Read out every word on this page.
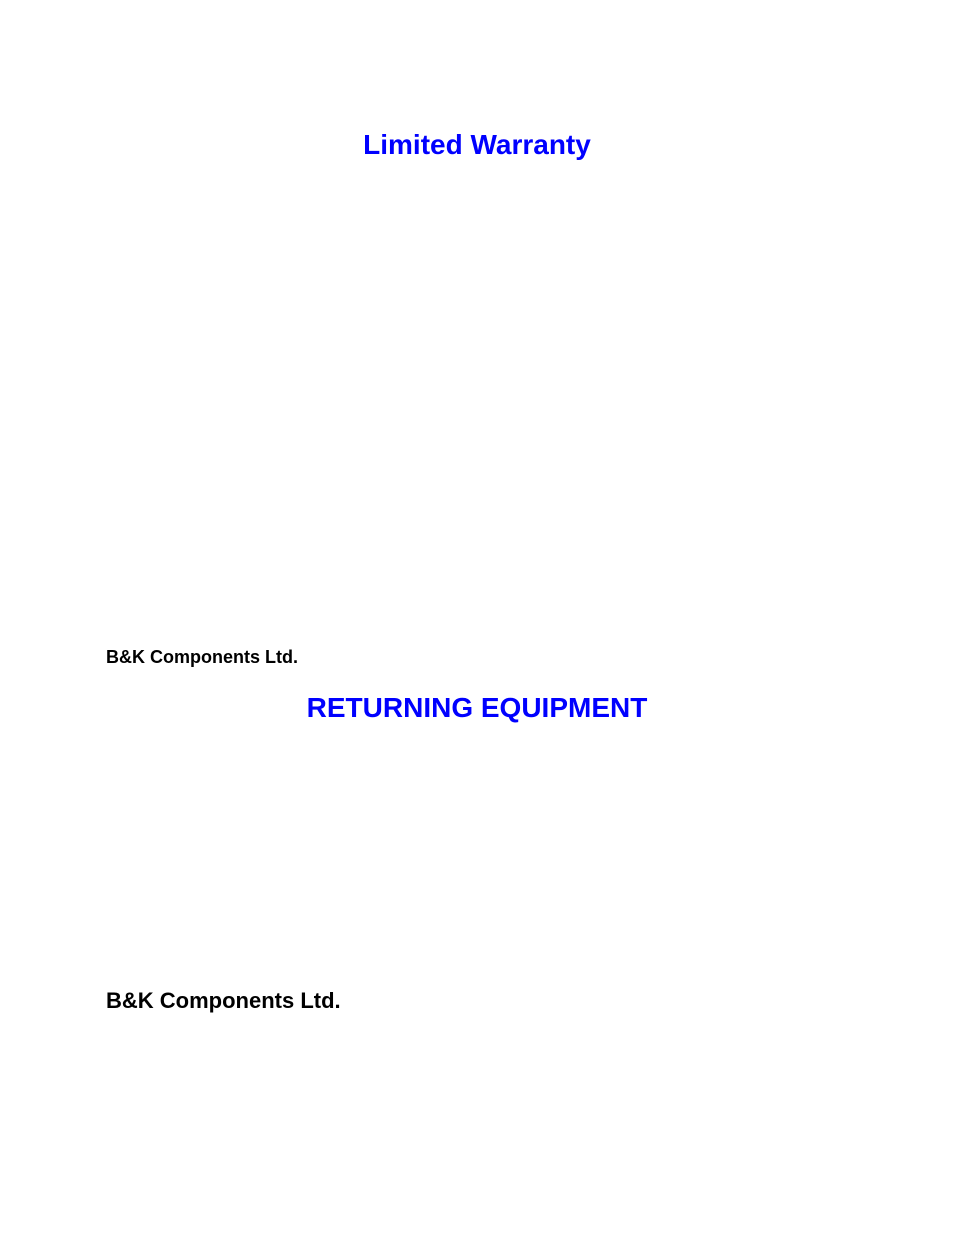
Limited Warranty

B&K Components Ltd.

RETURNING EQUIPMENT

B&K Components Ltd.
